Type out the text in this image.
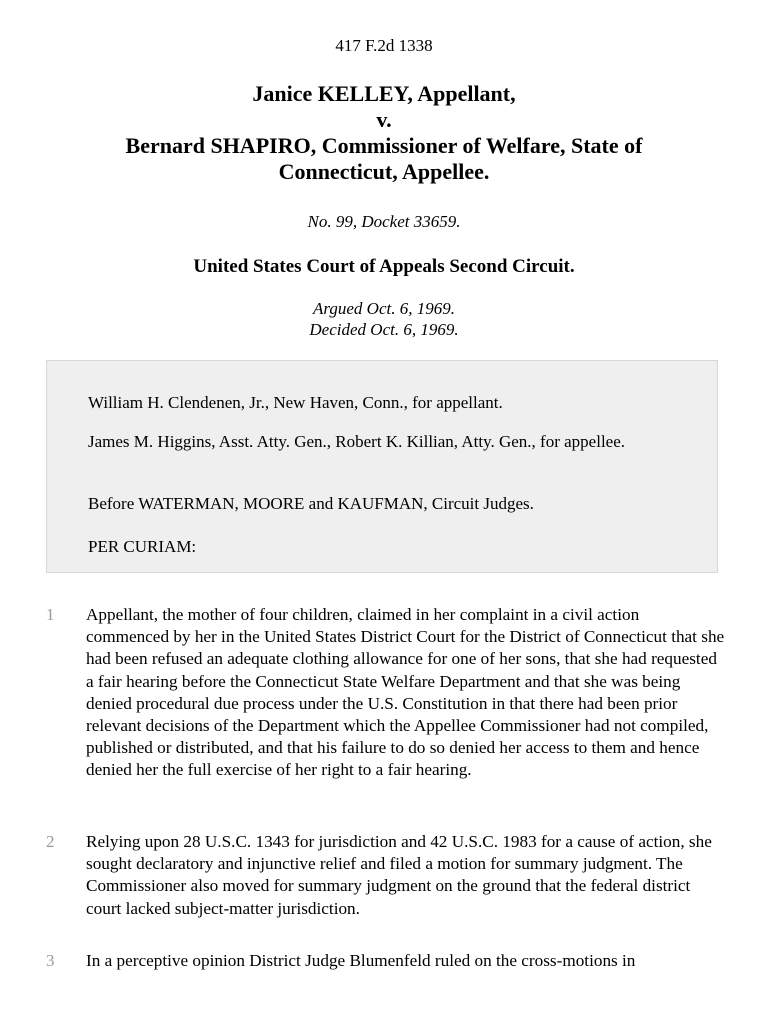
417 F.2d 1338
Janice KELLEY, Appellant,
v.
Bernard SHAPIRO, Commissioner of Welfare, State of
Connecticut, Appellee.
No. 99, Docket 33659.
United States Court of Appeals Second Circuit.
Argued Oct. 6, 1969.
Decided Oct. 6, 1969.

William H. Clendenen, Jr., New Haven, Conn., for appellant.

James M. Higgins, Asst. Atty. Gen., Robert K. Killian, Atty. Gen., for appellee.

Before WATERMAN, MOORE and KAUFMAN, Circuit Judges.

PER CURIAM:

1 Appellant, the mother of four children, claimed in her complaint in a civil action commenced by her in the United States District Court for the District of Connecticut that she had been refused an adequate clothing allowance for one of her sons, that she had requested a fair hearing before the Connecticut State Welfare Department and that she was being denied procedural due process under the U.S. Constitution in that there had been prior relevant decisions of the Department which the Appellee Commissioner had not compiled, published or distributed, and that his failure to do so denied her access to them and hence denied her the full exercise of her right to a fair hearing.

2 Relying upon 28 U.S.C. 1343 for jurisdiction and 42 U.S.C. 1983 for a cause of action, she sought declaratory and injunctive relief and filed a motion for summary judgment. The Commissioner also moved for summary judgment on the ground that the federal district court lacked subject-matter jurisdiction.

3 In a perceptive opinion District Judge Blumenfeld ruled on the cross-motions in
